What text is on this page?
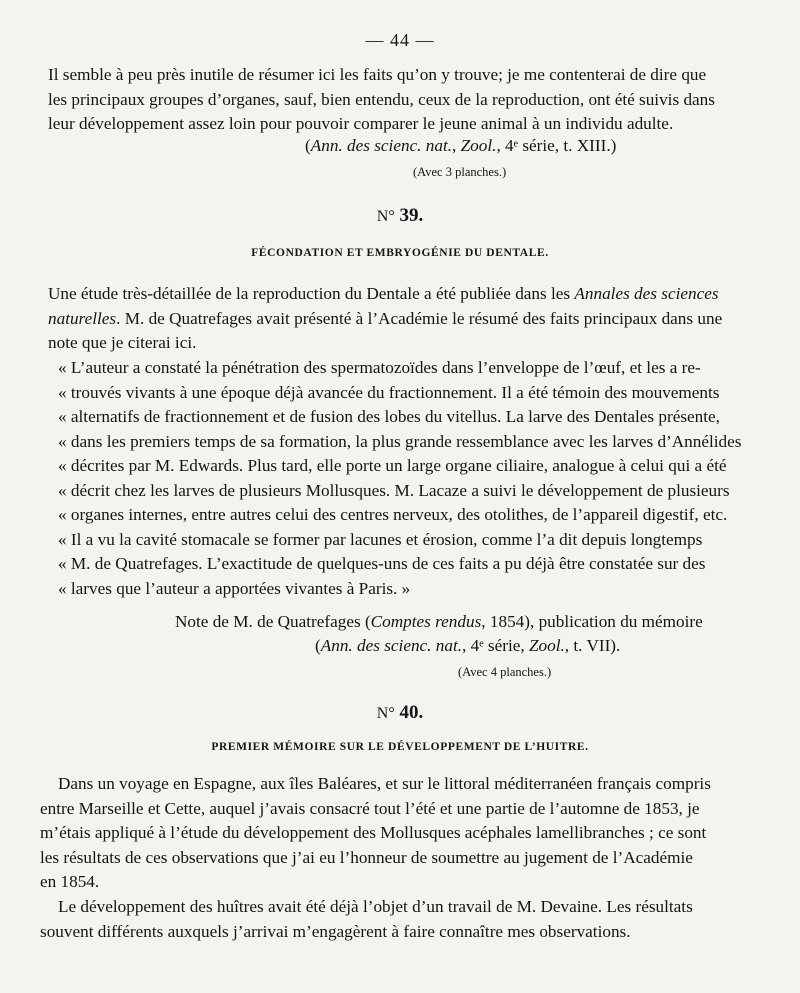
— 44 —
Il semble à peu près inutile de résumer ici les faits qu’on y trouve; je me contenterai de dire que
les principaux groupes d’organes, sauf, bien entendu, ceux de la reproduction, ont été suivis dans
leur développement assez loin pour pouvoir comparer le jeune animal à un individu adulte.
(Ann. des scienc. nat., Zool., 4ᵉ série, t. XIII.)
(Avec 3 planches.)
N° 39.
FÉCONDATION ET EMBRYOGÉNIE DU DENTALE.
Une étude très-détaillée de la reproduction du Dentale a été publiée dans les Annales des sciences
naturelles. M. de Quatrefages avait présenté à l’Académie le résumé des faits principaux dans une
note que je citerai ici.
« L’auteur a constaté la pénétration des spermatozoïdes dans l’enveloppe de l’œuf, et les a re-
« trouvés vivants à une époque déjà avancée du fractionnement. Il a été témoin des mouvements
« alternatifs de fractionnement et de fusion des lobes du vitellus. La larve des Dentales présente,
« dans les premiers temps de sa formation, la plus grande ressemblance avec les larves d’Annélides
« décrites par M. Edwards. Plus tard, elle porte un large organe ciliaire, analogue à celui qui a été
« décrit chez les larves de plusieurs Mollusques. M. Lacaze a suivi le développement de plusieurs
« organes internes, entre autres celui des centres nerveux, des otolithes, de l’appareil digestif, etc.
« Il a vu la cavité stomacale se former par lacunes et érosion, comme l’a dit depuis longtemps
« M. de Quatrefages. L’exactitude de quelques-uns de ces faits a pu déjà être constatée sur des
« larves que l’auteur a apportées vivantes à Paris. »
Note de M. de Quatrefages (Comptes rendus, 1854), publication du mémoire
(Ann. des scienc. nat., 4ᵉ série, Zool., t. VII).
(Avec 4 planches.)
N° 40.
PREMIER MÉMOIRE SUR LE DÉVELOPPEMENT DE L’HUITRE.
Dans un voyage en Espagne, aux îles Baléares, et sur le littoral méditerranéen français compris
entre Marseille et Cette, auquel j’avais consacré tout l’été et une partie de l’automne de 1853, je
m’étais appliqué à l’étude du développement des Mollusques acéphales lamellibranches ; ce sont
les résultats de ces observations que j’ai eu l’honneur de soumettre au jugement de l’Académie
en 1854.
Le développement des huîtres avait été déjà l’objet d’un travail de M. Devaine. Les résultats
souvent différents auxquels j’arrivai m’engagèrent à faire connaître mes observations.
